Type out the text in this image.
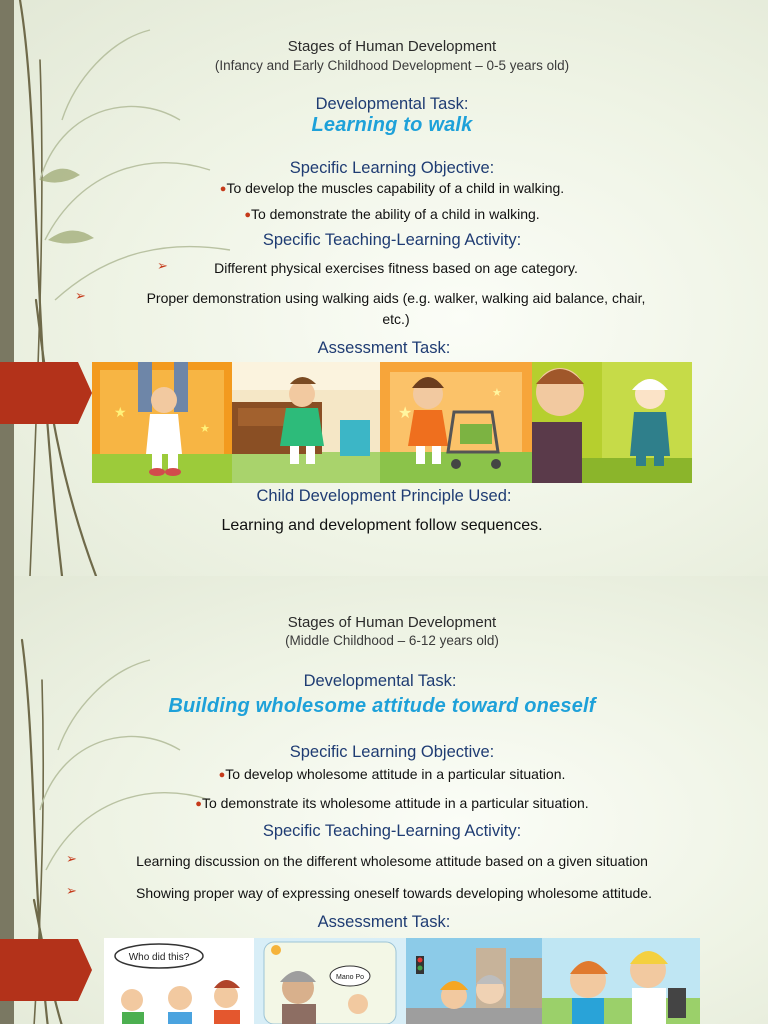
Stages of Human Development
(Infancy and Early Childhood Development – 0-5 years old)
Developmental Task:
Learning to walk
Specific Learning Objective:
●To develop the muscles capability of a child in walking.
●To demonstrate the ability of a child in walking.
Specific Teaching-Learning Activity:
➢	Different physical exercises fitness based on age category.
➢	Proper demonstration using walking aids (e.g. walker, walking aid balance, chair,
etc.)
Assessment Task:
★
★
★
★
Child Development Principle Used:
Learning and development follow sequences.
Stages of Human Development
(Middle Childhood – 6-12 years old)
Developmental Task:
Building wholesome attitude toward oneself
Specific Learning Objective:
●To develop wholesome attitude in a particular situation.
●To demonstrate its wholesome attitude in a particular situation.
Specific Teaching-Learning Activity:
➢	Learning discussion on the different wholesome attitude based on a given situation
➢	Showing proper way of expressing oneself towards developing wholesome attitude.
Assessment Task:
Who did this?
Mano Po
